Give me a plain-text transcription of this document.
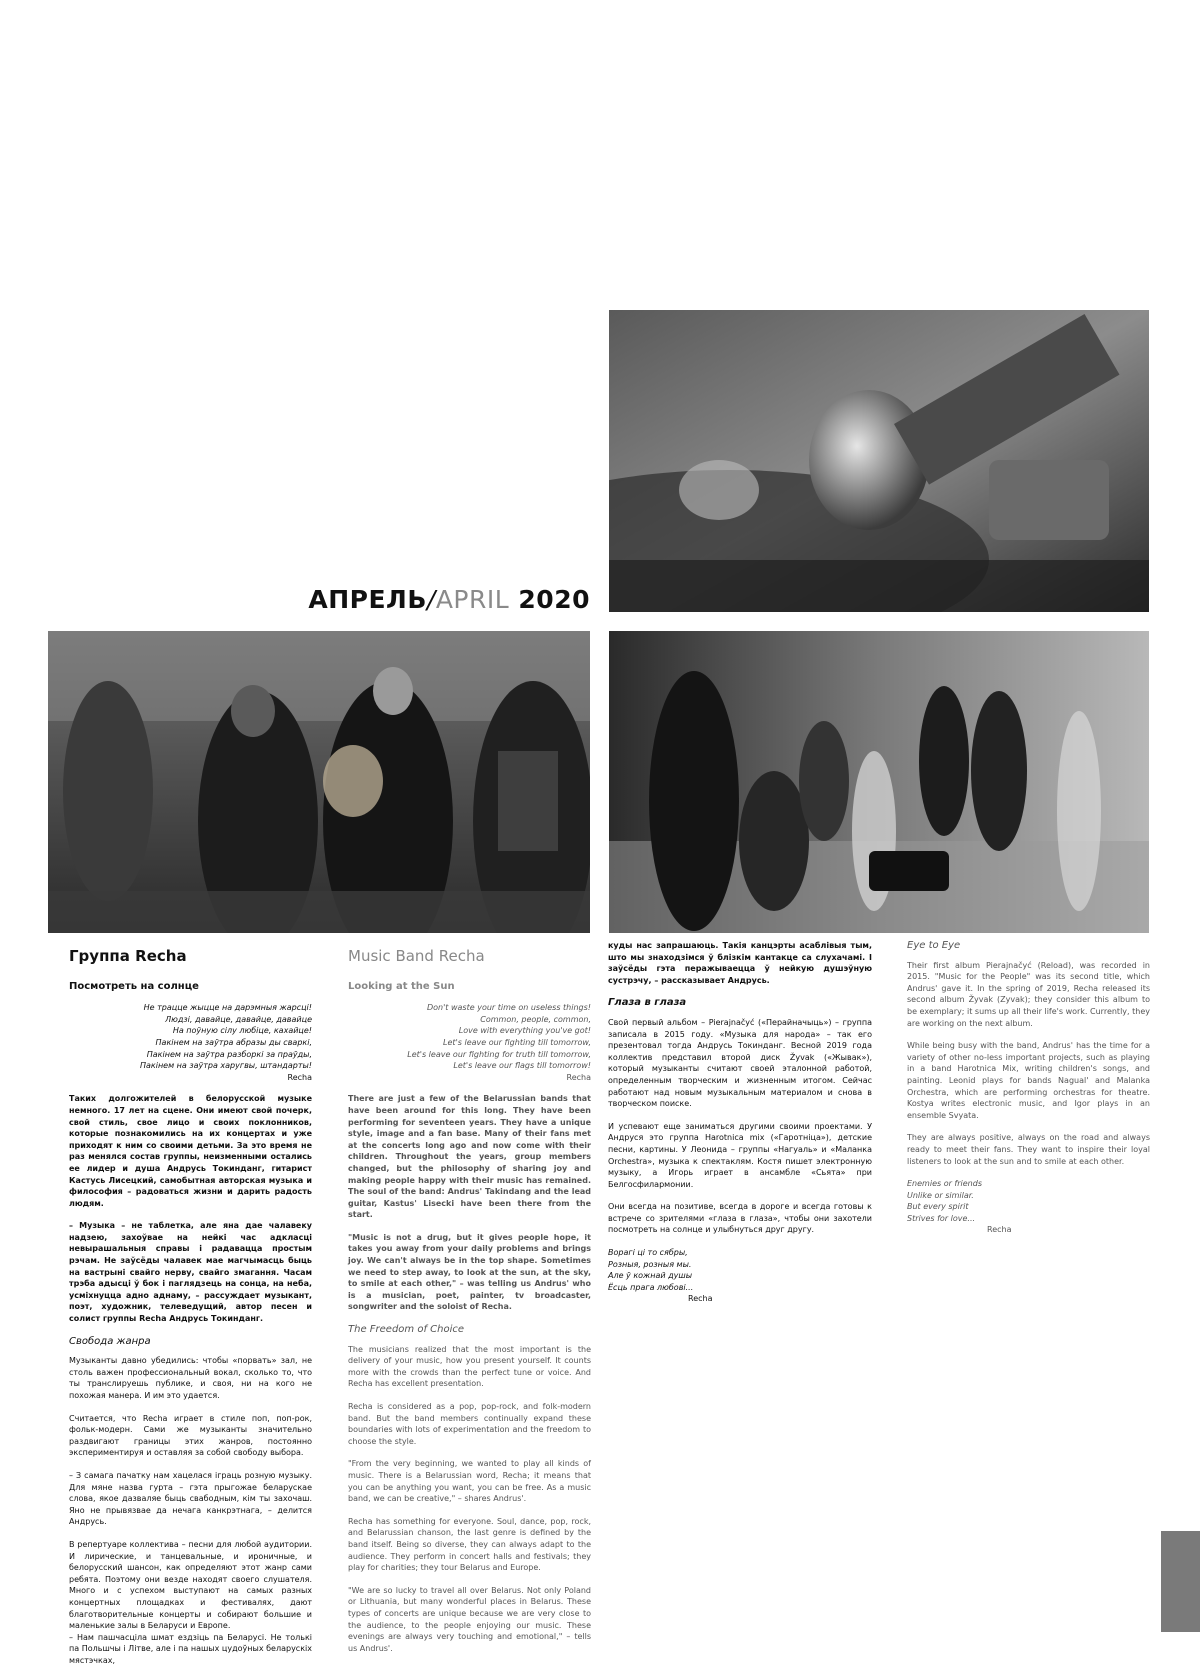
АПРЕЛЬ/APRIL 2020
Группа Recha
Посмотреть на солнце
Не трацце жыцце на дарэмныя жарсці!
Людзі, давайце, давайце, давайце
На поўную сілу любіце, кахайце!
Пакінем на заўтра абразы ды сваркі,
Пакінем на заўтра разборкі за праўды,
Пакінем на заўтра харугвы, штандарты!
Recha

Таких долгожителей в белорусской музыке немного. 17 лет на сцене. Они имеют свой почерк, свой стиль, свое лицо и своих поклонников, которые познакомились на их концертах и уже приходят к ним со своими детьми. За это время не раз менялся состав группы, неизменными остались ее лидер и душа Андрусь Токинданг, гитарист Кастусь Лисецкий, самобытная авторская музыка и философия – радоваться жизни и дарить радость людям.

– Музыка – не таблетка, але яна дае чалавеку надзею, захоўвае на нейкі час адкласці невырашальныя справы і радавацца простым рэчам. Не заўсёды чалавек мае магчымасць быць на вастрыні свайго нерву, свайго змагання. Часам трэба адысці ў бок і паглядзець на сонца, на неба, усміхнуцца адно аднаму, – рассуждает музыкант, поэт, художник, телеведущий, автор песен и солист группы Recha Андрусь Токинданг.

Свобода жанра

Музыканты давно убедились: чтобы «порвать» зал, не столь важен профессиональный вокал, сколько то, что ты транслируешь публике, и своя, ни на кого не похожая манера. И им это удается.

Считается, что Recha играет в стиле поп, поп-рок, фольк-модерн. Сами же музыканты значительно раздвигают границы этих жанров, постоянно экспериментируя и оставляя за собой свободу выбора.

– З самага пачатку нам хацелася іграць розную музыку. Для мяне назва гурта – гэта прыгожае беларускае слова, якое дазваляе быць свабодным, кім ты захочаш. Яно не прывязвае да нечага канкрэтнага, – делится Андрусь.

В репертуаре коллектива – песни для любой аудитории. И лирические, и танцевальные, и ироничные, и белорусский шансон, как определяют этот жанр сами ребята. Поэтому они везде находят своего слушателя. Много и с успехом выступают на самых разных концертных площадках и фестивалях, дают благотворительные концерты и собирают большие и маленькие залы в Беларуси и Европе.

– Нам пашчасціла шмат ездзіць па Беларусі. Не толькі па Польшчы і Літве, але і па нашых цудоўных беларускіх мястэчках,

Music Band Recha
Looking at the Sun
Don't waste your time on useless things!
Common, people, common,
Love with everything you've got!
Let's leave our fighting till tomorrow,
Let's leave our fighting for truth till tomorrow,
Let's leave our flags till tomorrow!
Recha

There are just a few of the Belarussian bands that have been around for this long. They have been performing for seventeen years. They have a unique style, image and a fan base. Many of their fans met at the concerts long ago and now come with their children. Throughout the years, group members changed, but the philosophy of sharing joy and making people happy with their music has remained. The soul of the band: Andrus' Takindang and the lead guitar, Kastus' Lisecki have been there from the start.

"Music is not a drug, but it gives people hope, it takes you away from your daily problems and brings joy. We can't always be in the top shape. Sometimes we need to step away, to look at the sun, at the sky, to smile at each other," – was telling us Andrus' who is a musician, poet, painter, tv broadcaster, songwriter and the soloist of Recha.

The Freedom of Choice

The musicians realized that the most important is the delivery of your music, how you present yourself. It counts more with the crowds than the perfect tune or voice. And Recha has excellent presentation.

Recha is considered as a pop, pop-rock, and folk-modern band. But the band members continually expand these boundaries with lots of experimentation and the freedom to choose the style.

"From the very beginning, we wanted to play all kinds of music. There is a Belarussian word, Recha; it means that you can be anything you want, you can be free. As a music band, we can be creative," – shares Andrus'.

Recha has something for everyone. Soul, dance, pop, rock, and Belarussian chanson, the last genre is defined by the band itself. Being so diverse, they can always adapt to the audience. They perform in concert halls and festivals; they play for charities; they tour Belarus and Europe.

"We are so lucky to travel all over Belarus. Not only Poland or Lithuania, but many wonderful places in Belarus. These types of concerts are unique because we are very close to the audience, to the people enjoying our music. These evenings are always very touching and emotional," – tells us Andrus'.

куды нас запрашаюць. Такія канцэрты асаблівыя тым, што мы знаходзімся ў блізкім кантакце са слухачамі. І заўсёды гэта перажываецца ў нейкую душэўную сустрэчу, – рассказывает Андрусь.

Глаза в глаза

Свой первый альбом – Pierajnačyć («Перайначыць») – группа записала в 2015 году. «Музыка для народа» – так его презентовал тогда Андрусь Токинданг. Весной 2019 года коллектив представил второй диск Žyvak («Жывак»), который музыканты считают своей эталонной работой, определенным творческим и жизненным итогом. Сейчас работают над новым музыкальным материалом и снова в творческом поиске.

И успевают еще заниматься другими своими проектами. У Андруся это группа Harotnica mix («Гаротніца»), детские песни, картины. У Леонида – группы «Нагуаль» и «Маланка Orchestra», музыка к спектаклям. Костя пишет электронную музыку, а Игорь играет в ансамбле «Сьята» при Белгосфилармонии.

Они всегда на позитиве, всегда в дороге и всегда готовы к встрече со зрителями «глаза в глаза», чтобы они захотели посмотреть на солнце и улыбнуться друг другу.

Ворагі ці то сябры,
Розныя, розныя мы.
Але ў кожнай душы
Ёсць прага любові...
Recha
Eye to Eye

Their first album Pierajnačyć (Reload), was recorded in 2015. "Music for the People" was its second title, which Andrus' gave it. In the spring of 2019, Recha released its second album Žyvak (Zyvak); they consider this album to be exemplary; it sums up all their life's work. Currently, they are working on the next album.

While being busy with the band, Andrus' has the time for a variety of other no-less important projects, such as playing in a band Harotnica Mix, writing children's songs, and painting. Leonid plays for bands Nagual' and Malanka Orchestra, which are performing orchestras for theatre. Kostya writes electronic music, and Igor plays in an ensemble Svyata.

They are always positive, always on the road and always ready to meet their fans. They want to inspire their loyal listeners to look at the sun and to smile at each other.

Enemies or friends
Unlike or similar.
But every spirit
Strives for love...
Recha
